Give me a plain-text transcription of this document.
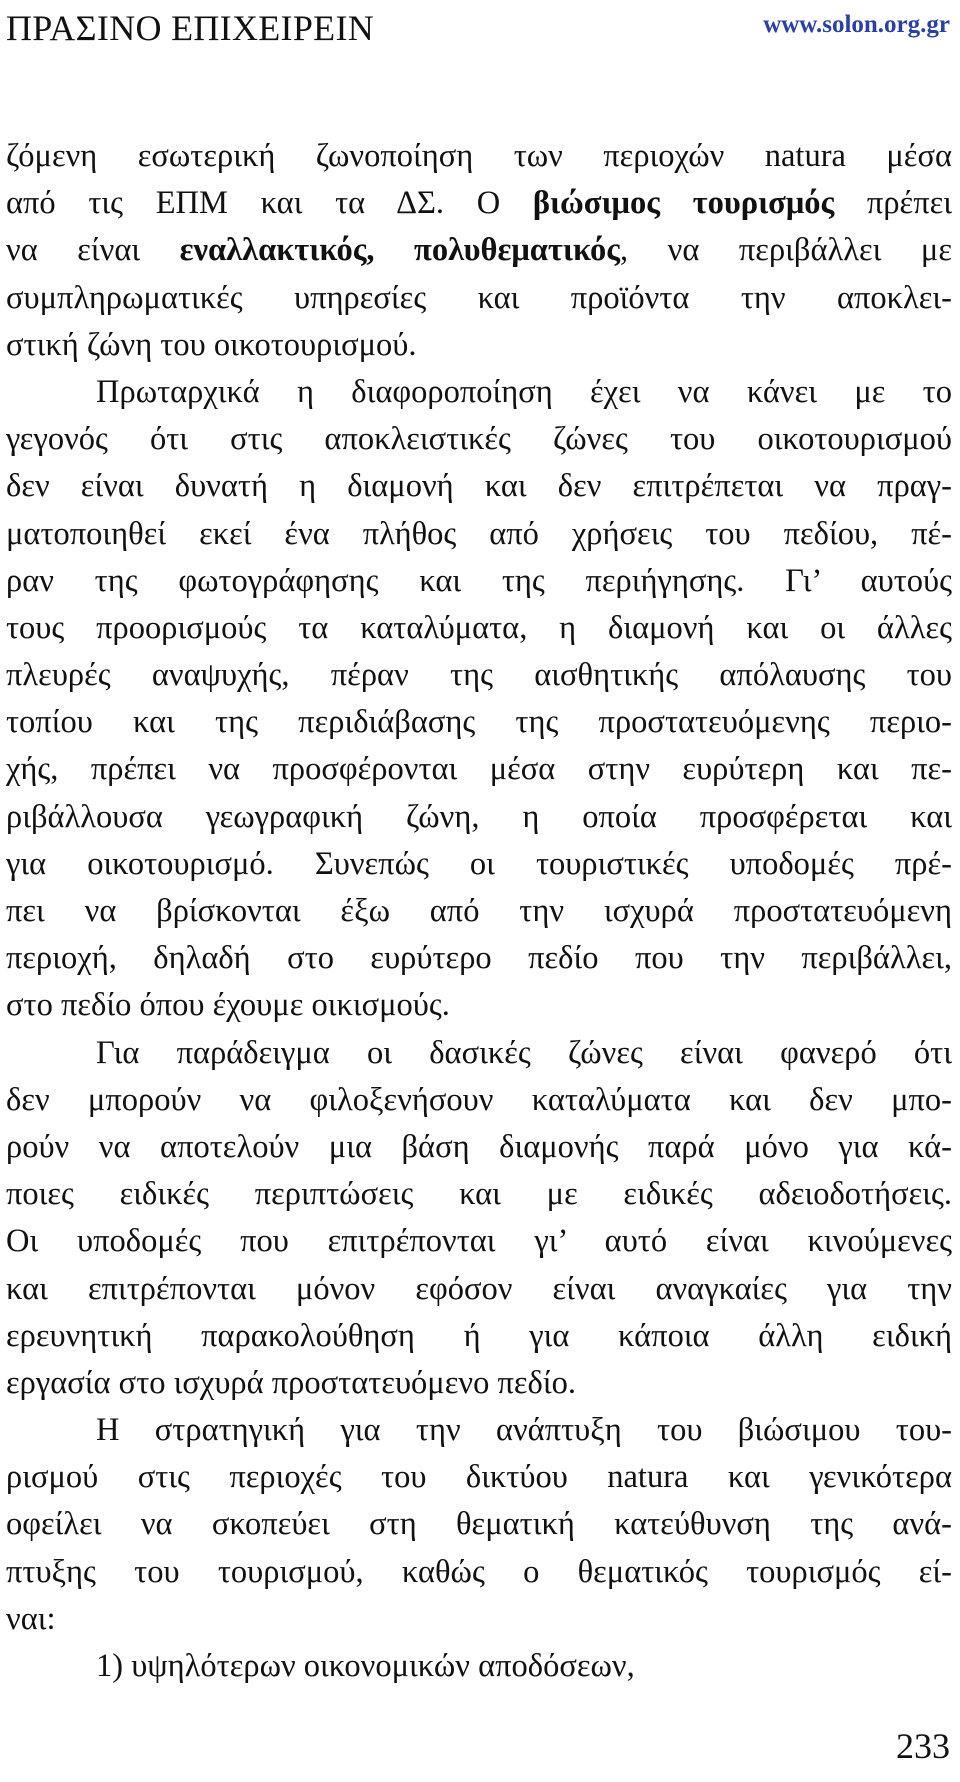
ΠΡΑΣΙΝΟ ΕΠΙΧΕΙΡΕΙΝ	www.solon.org.gr
ζόμενη εσωτερική ζωνοποίηση των περιοχών natura μέσα
από τις ΕΠΜ και τα ΔΣ. Ο βιώσιμος τουρισμός πρέπει
να είναι εναλλακτικός, πολυθεματικός, να περιβάλλει με
συμπληρωματικές υπηρεσίες και προϊόντα την αποκλει-
στική ζώνη του οικοτουρισμού.
Πρωταρχικά η διαφοροποίηση έχει να κάνει με το
γεγονός ότι στις αποκλειστικές ζώνες του οικοτουρισμού
δεν είναι δυνατή η διαμονή και δεν επιτρέπεται να πραγ-
ματοποιηθεί εκεί ένα πλήθος από χρήσεις του πεδίου, πέ-
ραν της φωτογράφησης και της περιήγησης. Γι’ αυτούς
τους προορισμούς τα καταλύματα, η διαμονή και οι άλλες
πλευρές αναψυχής, πέραν της αισθητικής απόλαυσης του
τοπίου και της περιδιάβασης της προστατευόμενης περιο-
χής, πρέπει να προσφέρονται μέσα στην ευρύτερη και πε-
ριβάλλουσα γεωγραφική ζώνη, η οποία προσφέρεται και
για οικοτουρισμό. Συνεπώς οι τουριστικές υποδομές πρέ-
πει να βρίσκονται έξω από την ισχυρά προστατευόμενη
περιοχή, δηλαδή στο ευρύτερο πεδίο που την περιβάλλει,
στο πεδίο όπου έχουμε οικισμούς.
Για παράδειγμα οι δασικές ζώνες είναι φανερό ότι
δεν μπορούν να φιλοξενήσουν καταλύματα και δεν μπο-
ρούν να αποτελούν μια βάση διαμονής παρά μόνο για κά-
ποιες ειδικές περιπτώσεις και με ειδικές αδειοδοτήσεις.
Οι υποδομές που επιτρέπονται γι’ αυτό είναι κινούμενες
και επιτρέπονται μόνον εφόσον είναι αναγκαίες για την
ερευνητική παρακολούθηση ή για κάποια άλλη ειδική
εργασία στο ισχυρά προστατευόμενο πεδίο.
Η στρατηγική για την ανάπτυξη του βιώσιμου του-
ρισμού στις περιοχές του δικτύου natura και γενικότερα
οφείλει να σκοπεύει στη θεματική κατεύθυνση της ανά-
πτυξης του τουρισμού, καθώς ο θεματικός τουρισμός εί-
ναι:
1) υψηλότερων οικονομικών αποδόσεων,
233
